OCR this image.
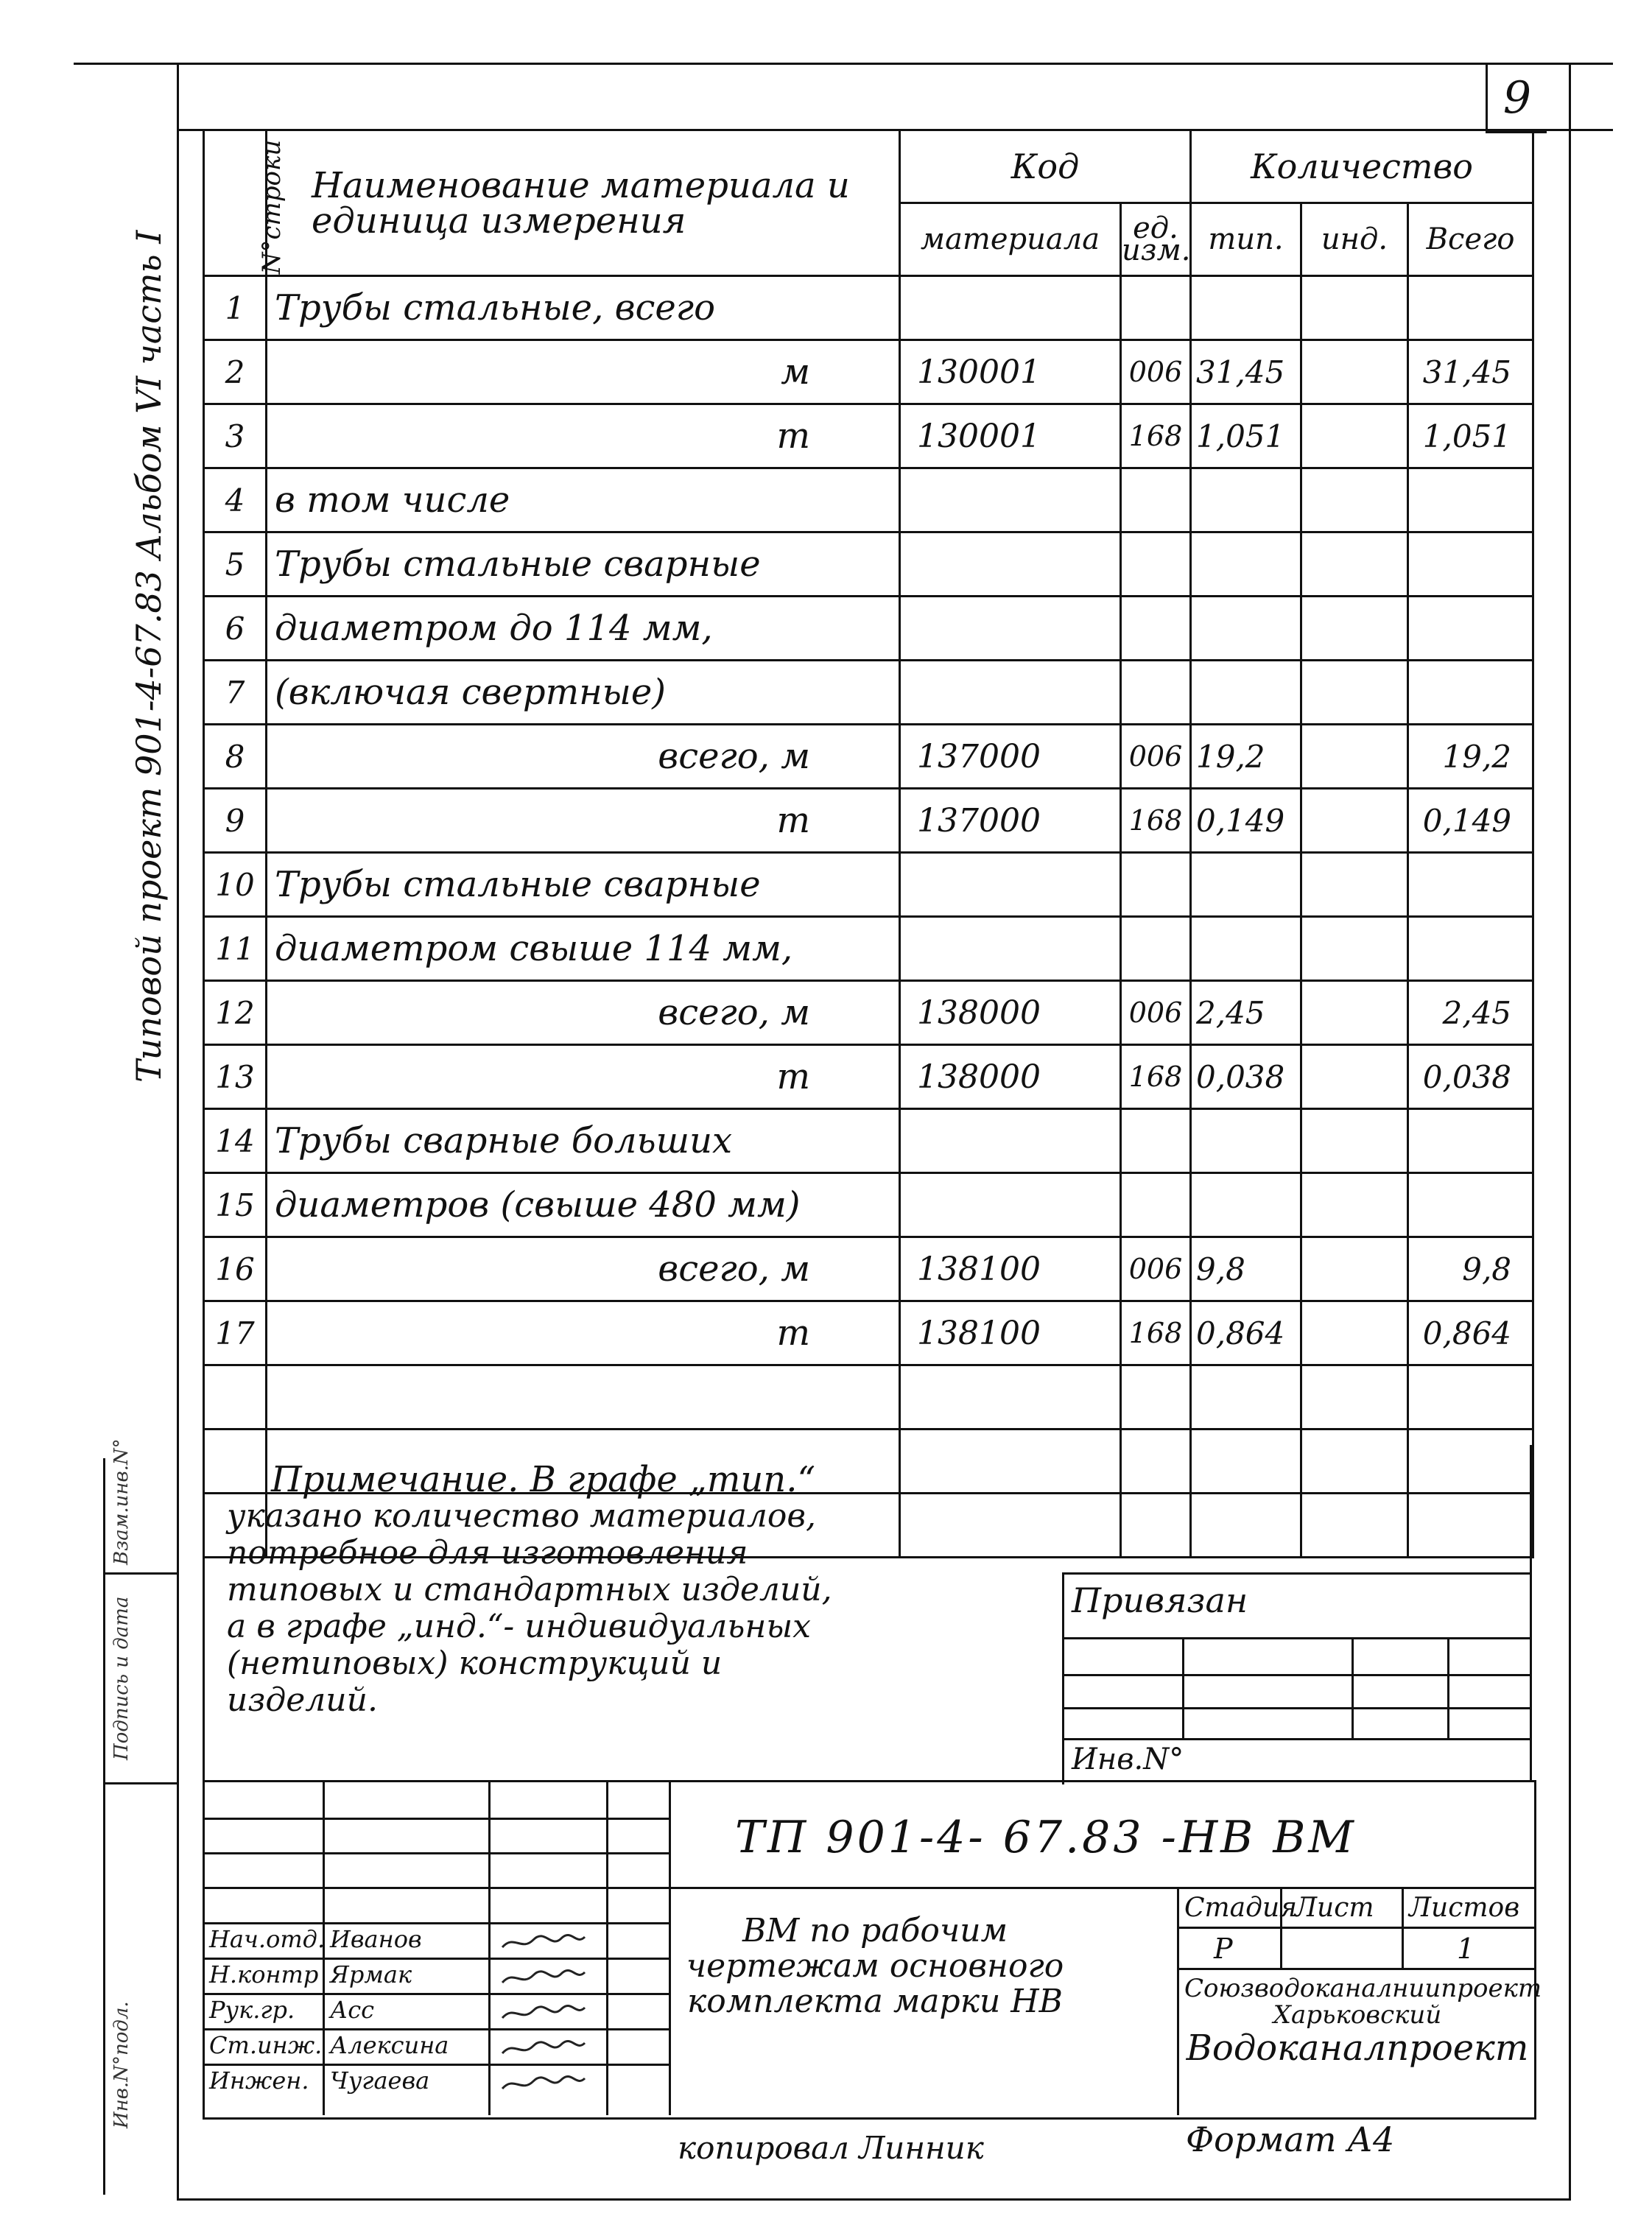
9
Типовой проект 901-4-67.83 Альбом VI часть I
Взам.инв.N°
Подпись и дата
Инв.N°подл.
N°строки	Наименование материала и единица измерения	Код		Количество		
		материала	ед. изм.	тип.	инд.	Всего
1	Трубы стальные, всего					
2	м	130001	006	31,45		31,45
3	т	130001	168	1,051		1,051
4	в том числе					
5	Трубы стальные сварные					
6	диаметром до 114 мм,					
7	(включая свертные)					
8	всего, м	137000	006	19,2		19,2
9	т	137000	168	0,149		0,149
10	Трубы стальные сварные					
11	диаметром свыше 114 мм,					
12	всего, м	138000	006	2,45		2,45
13	т	138000	168	0,038		0,038
14	Трубы сварные больших					
15	диаметров (свыше 480 мм)					
16	всего, м	138100	006	9,8		9,8
17	т	138100	168	0,864		0,864

Примечание. В графе „тип.“
указано количество материалов,
потребное для изготовления
типовых и стандартных изделий,
а в графе „инд.“- индивидуальных
(нетиповых) конструкций и
изделий.
Привязан
Инв.N°
Нач.отд. Иванов
Н.контр Ярмак
Рук.гр. Асс
Ст.инж. Алексина
Инжен. Чугаева
ТП 901-4- 67.83 -НВ ВМ
ВМ по рабочим чертежам основного комплекта марки НВ
Стадия
Лист Листов
Р	1
Союзводоканалниипроект
Харьковский
Водоканалпроект
копировал Линник	Формат А4
